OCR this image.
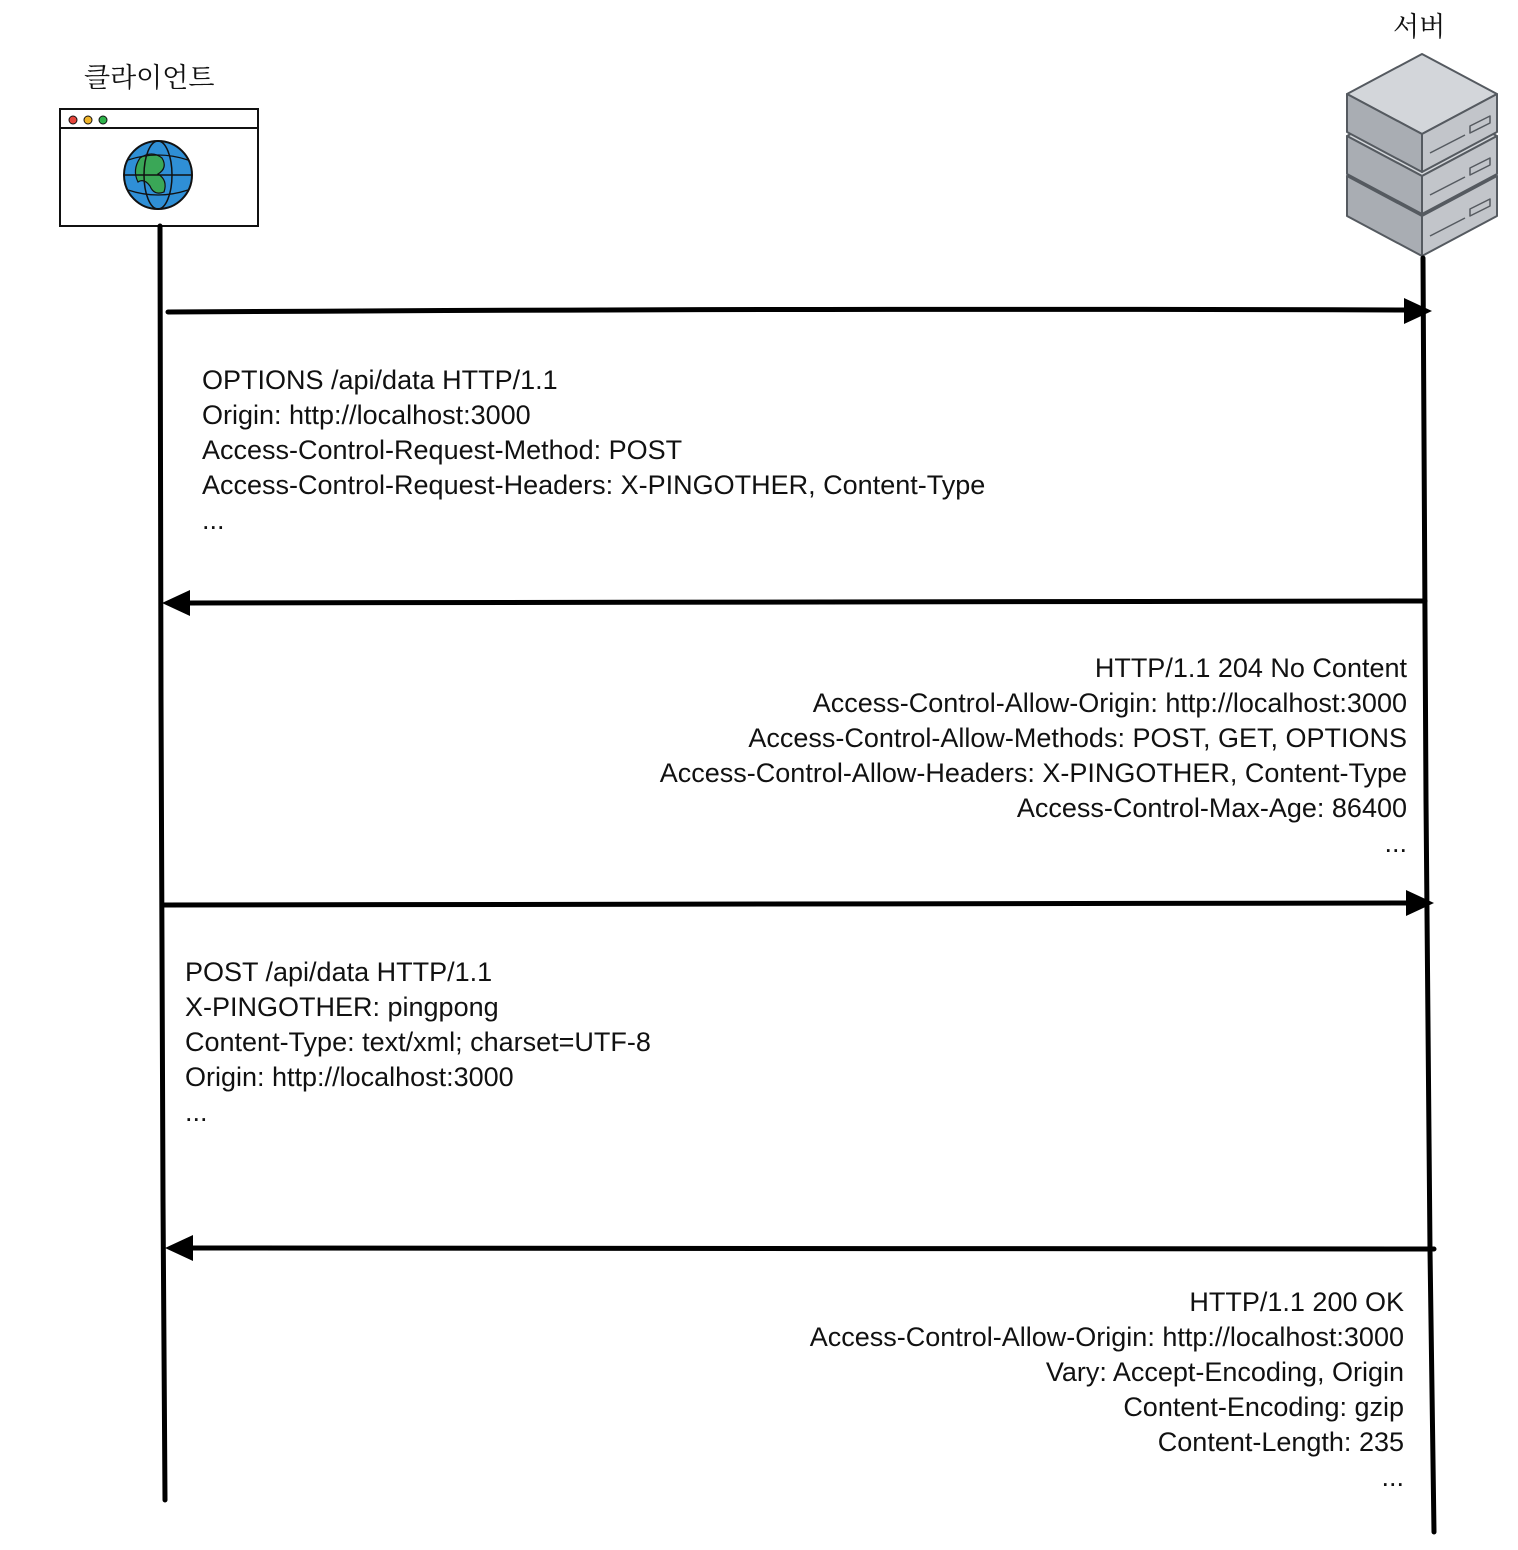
클라이언트
서버
OPTIONS /api/data HTTP/1.1
Origin: http://localhost:3000
Access-Control-Request-Method: POST
Access-Control-Request-Headers: X-PINGOTHER, Content-Type
...
HTTP/1.1 204 No Content
Access-Control-Allow-Origin: http://localhost:3000
Access-Control-Allow-Methods: POST, GET, OPTIONS
Access-Control-Allow-Headers: X-PINGOTHER, Content-Type
Access-Control-Max-Age: 86400
...
POST /api/data HTTP/1.1
X-PINGOTHER: pingpong
Content-Type: text/xml; charset=UTF-8
Origin: http://localhost:3000
...
HTTP/1.1 200 OK
Access-Control-Allow-Origin: http://localhost:3000
Vary: Accept-Encoding, Origin
Content-Encoding: gzip
Content-Length: 235
...
